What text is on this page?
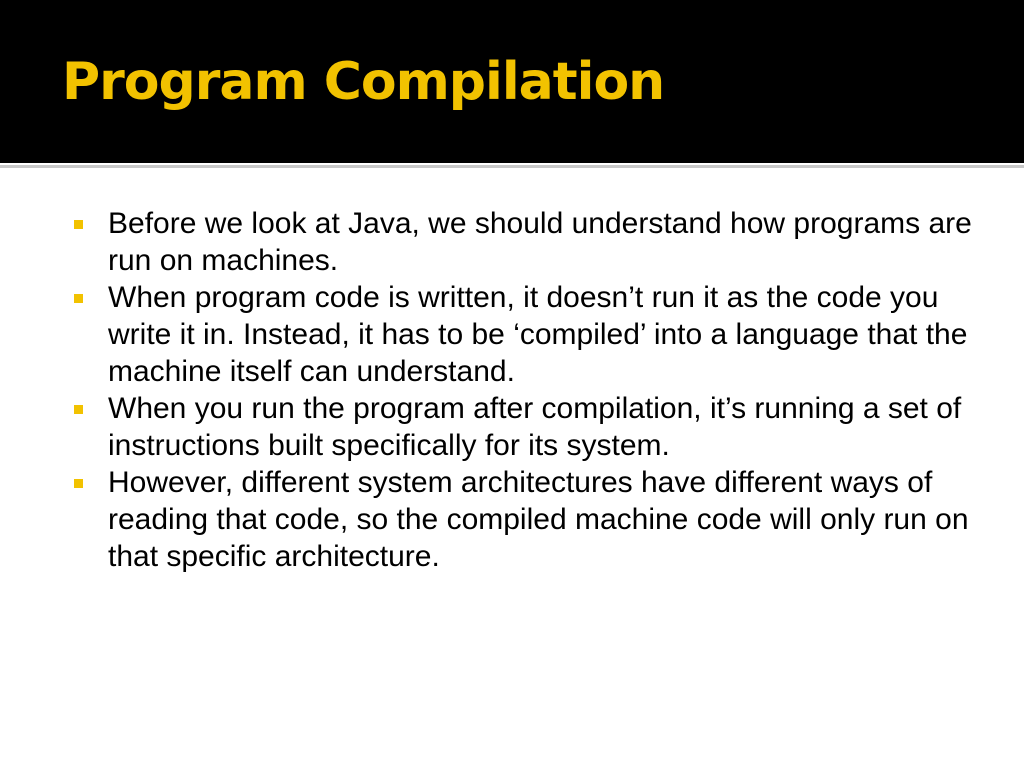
Program Compilation
Before we look at Java, we should understand how programs are run on machines.
When program code is written, it doesn’t run it as the code you write it in. Instead, it has to be ‘compiled’ into a language that the machine itself can understand.
When you run the program after compilation, it’s running a set of instructions built specifically for its system.
However, different system architectures have different ways of reading that code, so the compiled machine code will only run on that specific architecture.
